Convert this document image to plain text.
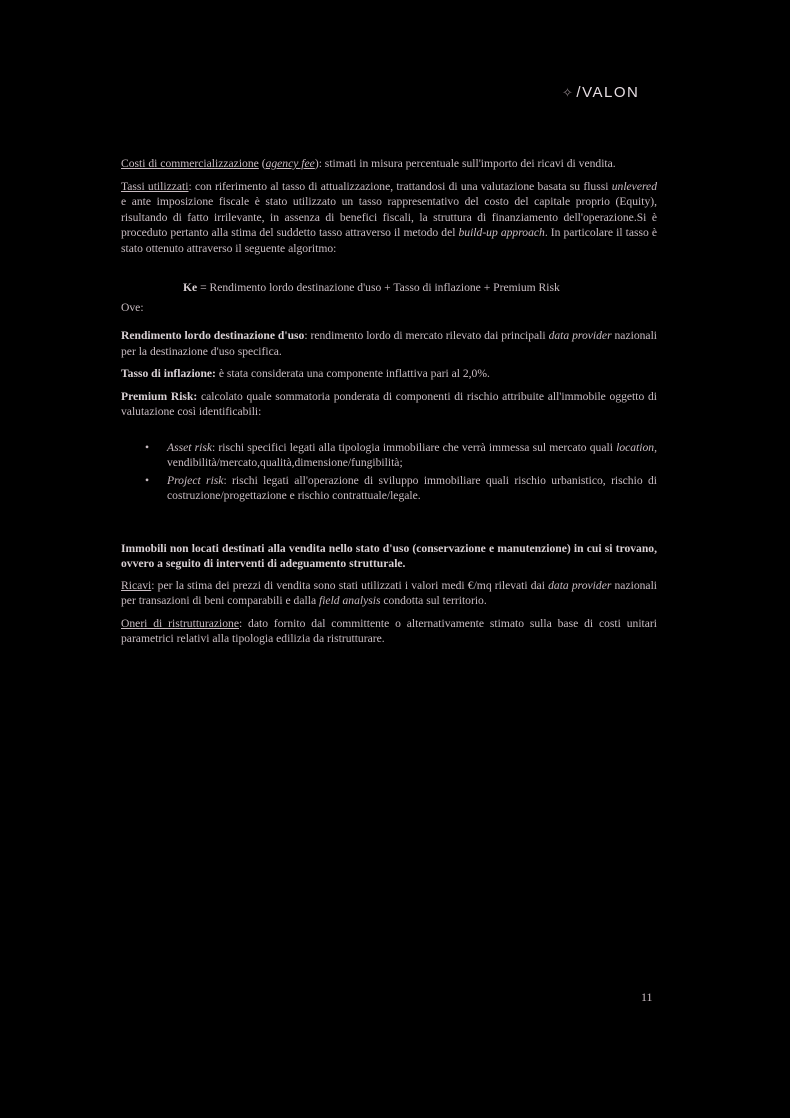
✧ /VALON

Costi di commercializzazione (agency fee): stimati in misura percentuale sull'importo dei ricavi di vendita.

Tassi utilizzati: con riferimento al tasso di attualizzazione, trattandosi di una valutazione basata su flussi unlevered e ante imposizione fiscale è stato utilizzato un tasso rappresentativo del costo del capitale proprio (Equity), risultando di fatto irrilevante, in assenza di benefici fiscali, la struttura di finanziamento dell'operazione.Si è proceduto pertanto alla stima del suddetto tasso attraverso il metodo del build-up approach. In particolare il tasso è stato ottenuto attraverso il seguente algoritmo:

Ke = Rendimento lordo destinazione d'uso + Tasso di inflazione + Premium Risk
Ove:

Rendimento lordo destinazione d'uso: rendimento lordo di mercato rilevato dai principali data provider nazionali per la destinazione d'uso specifica.

Tasso di inflazione: è stata considerata una componente inflattiva pari al 2,0%.

Premium Risk: calcolato quale sommatoria ponderata di componenti di rischio attribuite all'immobile oggetto di valutazione così identificabili:

• Asset risk: rischi specifici legati alla tipologia immobiliare che verrà immessa sul mercato quali location, vendibilità/mercato,qualità,dimensione/fungibilità;
• Project risk: rischi legati all'operazione di sviluppo immobiliare quali rischio urbanistico, rischio di costruzione/progettazione e rischio contrattuale/legale.
Immobili non locati destinati alla vendita nello stato d'uso (conservazione e manutenzione) in cui si trovano, ovvero a seguito di interventi di adeguamento strutturale.

Ricavi: per la stima dei prezzi di vendita sono stati utilizzati i valori medi €/mq rilevati dai data provider nazionali per transazioni di beni comparabili e dalla field analysis condotta sul territorio.

Oneri di ristrutturazione: dato fornito dal committente o alternativamente stimato sulla base di costi unitari parametrici relativi alla tipologia edilizia da ristrutturare.

11
